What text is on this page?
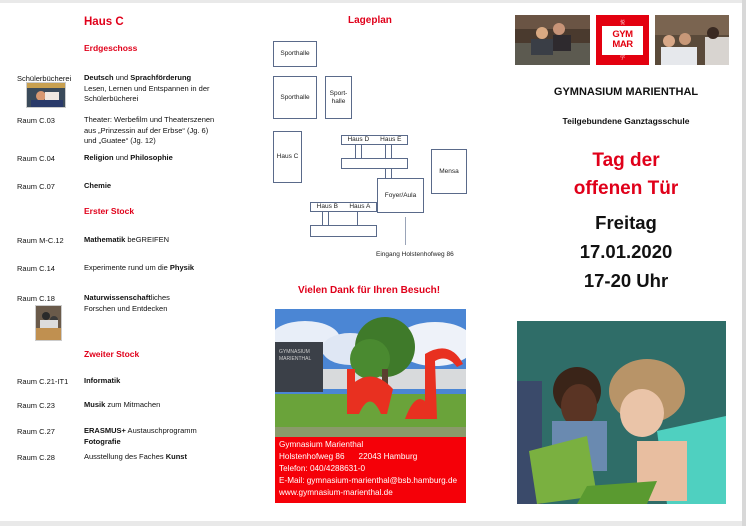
Haus C
Erdgeschoss
Schülerbücherei Deutsch und Sprachförderung
Lesen, Lernen und Entspannen in der
Schülerbücherei
Raum C.03	Theater: Werbefilm und Theaterszenen
aus „Prinzessin auf der Erbse“ (Jg. 6)
und „Guatee“ (Jg. 12)
Raum C.04	Religion und Philosophie
Raum C.07	Chemie
Erster Stock
Raum M-C.12	Mathematik beGREIFEN
Raum C.14	Experimente rund um die Physik
Raum C.18	Naturwissenschaftliches
Forschen und Entdecken
Zweiter Stock
Raum C.21-IT1 Informatik
Raum C.23	Musik zum Mitmachen
Raum C.27	ERASMUS+ Austauschprogramm
Fotografie
Raum C.28	Ausstellung des Faches Kunst
Lageplan
Sporthalle
Sporthalle
Sport-
halle
Haus C
Haus D Haus E
Foyer/Aula
Mensa
Haus B Haus A
Eingang Holstenhofweg 86
Vielen Dank für Ihren Besuch!
GYMNASIUM
MARIENTHAL
Gymnasium Marienthal
Holstenhofweg 86 22043 Hamburg
Telefon: 040/4288631-0
E-Mail: gymnasium-marienthal@bsb.hamburg.de
www.gymnasium-marienthal.de
悦
GYM
MAR
学
GYMNASIUM MARIENTHAL
Teilgebundene Ganztagsschule
Tag der
offenen Tür
Freitag
17.01.2020
17-20 Uhr
